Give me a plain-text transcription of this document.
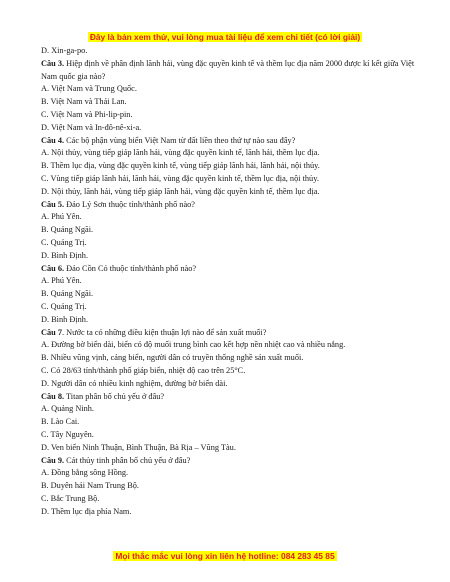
Đây là bản xem thử, vui lòng mua tài liệu để xem chi tiết (có lời giải)
D. Xin-ga-po.
Câu 3. Hiệp định về phân định lãnh hải, vùng đặc quyền kinh tế và thềm lục địa năm 2000 được kí kết giữa Việt Nam quốc gia nào?
A. Việt Nam và Trung Quốc.
B. Việt Nam và Thái Lan.
C. Việt Nam và Phi-lip-pin.
D. Việt Nam và In-đô-nê-xi-a.
Câu 4. Các bộ phận vùng biển Việt Nam từ đất liền theo thứ tự nào sau đây?
A. Nội thủy, vùng tiếp giáp lãnh hải, vùng đặc quyền kinh tế, lãnh hải, thềm lục địa.
B. Thềm lục địa, vùng đặc quyền kinh tế, vùng tiếp giáp lãnh hải, lãnh hải, nội thủy.
C. Vùng tiếp giáp lãnh hải, lãnh hải, vùng đặc quyền kinh tế, thềm lục địa, nội thủy.
D. Nội thủy, lãnh hải, vùng tiếp giáp lãnh hải, vùng đặc quyền kinh tế, thềm lục địa.
Câu 5. Đảo Lý Sơn thuộc tỉnh/thành phố nào?
A. Phú Yên.
B. Quảng Ngãi.
C. Quảng Trị.
D. Bình Định.
Câu 6. Đảo Cồn Cỏ thuộc tỉnh/thành phố nào?
A. Phú Yên.
B. Quảng Ngãi.
C. Quảng Trị.
D. Bình Định.
Câu 7. Nước ta có những điều kiện thuận lợi nào để sản xuất muối?
A. Đường bờ biển dài, biển có độ muối trung bình cao kết hợp nền nhiệt cao và nhiều nắng.
B. Nhiều vũng vịnh, cảng biển, người dân có truyền thống nghề sản xuất muối.
C. Có 28/63 tỉnh/thành phố giáp biển, nhiệt độ cao trên 25°C.
D. Người dân có nhiều kinh nghiệm, đường bờ biển dài.
Câu 8. Titan phân bố chủ yếu ở đâu?
A. Quảng Ninh.
B. Lào Cai.
C. Tây Nguyên.
D. Ven biển Ninh Thuận, Bình Thuận, Bà Rịa – Vũng Tàu.
Câu 9. Cát thủy tinh phân bố chủ yếu ở đâu?
A. Đồng bằng sông Hồng.
B. Duyên hải Nam Trung Bộ.
C. Bắc Trung Bộ.
D. Thềm lục địa phía Nam.
Mọi thắc mắc vui lòng xin liên hệ hotline: 084 283 45 85
